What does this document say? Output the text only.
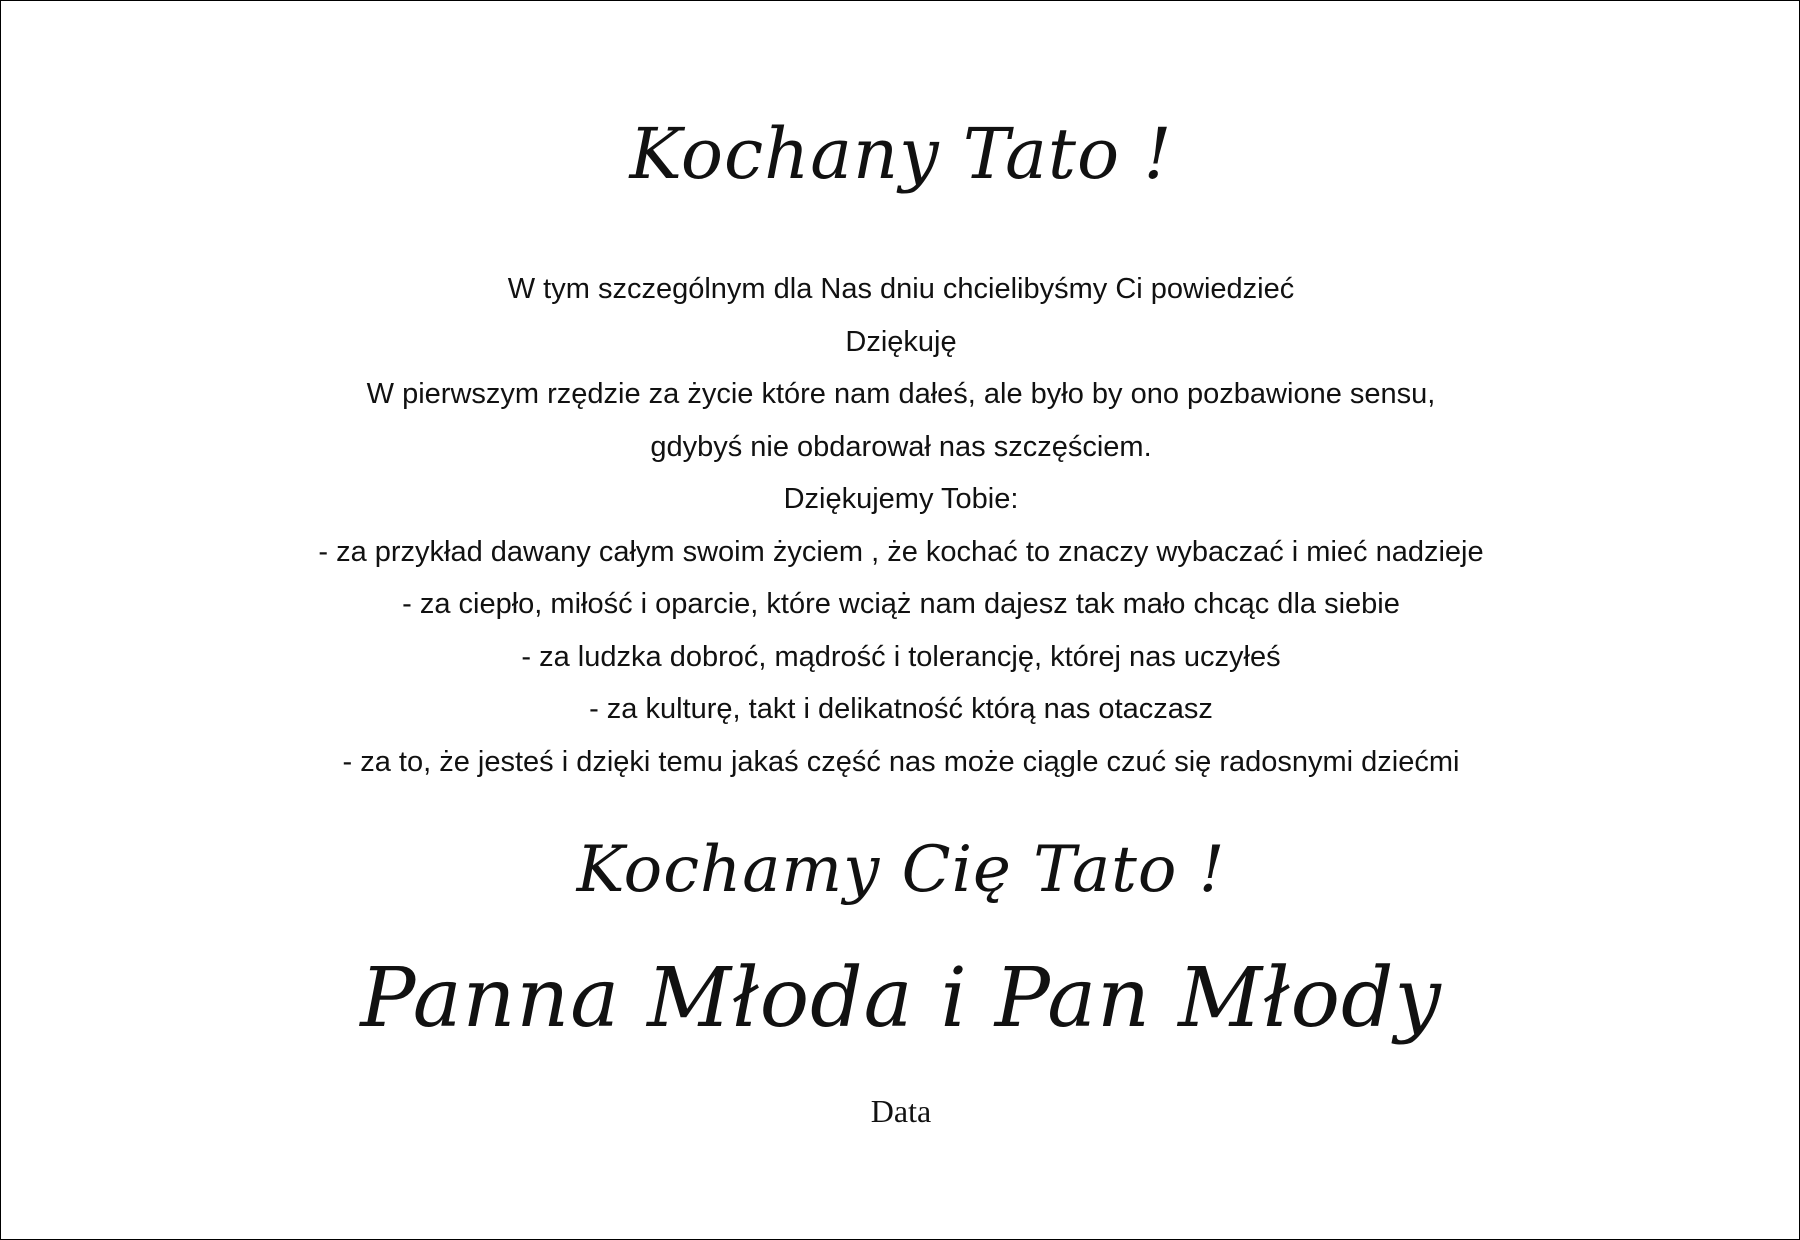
Kochany Tato !
W tym szczególnym dla Nas dniu chcielibyśmy Ci powiedzieć
Dziękuję
W pierwszym rzędzie za życie które nam dałeś, ale było by ono pozbawione sensu,
gdybyś nie obdarował nas szczęściem.
Dziękujemy Tobie:
- za przykład dawany całym swoim życiem , że kochać to znaczy wybaczać i mieć nadzieje
- za ciepło, miłość i oparcie, które wciąż nam dajesz tak mało chcąc dla siebie
- za ludzka dobroć, mądrość i tolerancję, której nas uczyłeś
- za kulturę, takt i delikatność którą nas otaczasz
- za to, że jesteś i dzięki temu jakaś część nas może ciągle czuć się radosnymi dziećmi
Kochamy Cię Tato !
Panna Młoda i Pan Młody
Data
